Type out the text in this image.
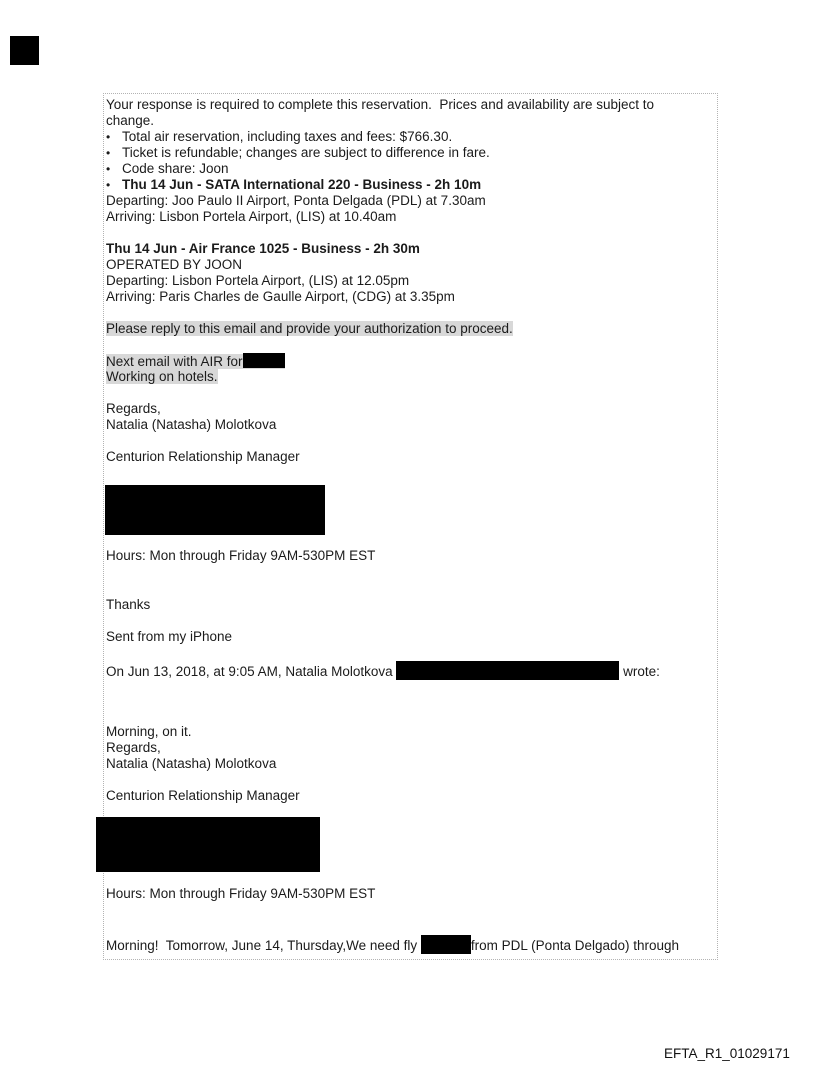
Your response is required to complete this reservation.  Prices and availability are subject to
change.
• Total air reservation, including taxes and fees: $766.30.
• Ticket is refundable; changes are subject to difference in fare.
• Code share: Joon
• Thu 14 Jun - SATA International 220 - Business - 2h 10m
Departing: Joo Paulo II Airport, Ponta Delgada (PDL) at 7.30am
Arriving: Lisbon Portela Airport, (LIS) at 10.40am

Thu 14 Jun - Air France 1025 - Business - 2h 30m
OPERATED BY JOON
Departing: Lisbon Portela Airport, (LIS) at 12.05pm
Arriving: Paris Charles de Gaulle Airport, (CDG) at 3.35pm

Please reply to this email and provide your authorization to proceed.

Next email with AIR for
Working on hotels.

Regards,
Natalia (Natasha) Molotkova

Centurion Relationship Manager
Hours: Mon through Friday 9AM-530PM EST
Thanks

Sent from my iPhone

On Jun 13, 2018, at 9:05 AM, Natalia Molotkova	wrote:
Morning, on it.
Regards,
Natalia (Natasha) Molotkova

Centurion Relationship Manager
Hours: Mon through Friday 9AM-530PM EST
Morning!  Tomorrow, June 14, Thursday,We need fly	from PDL (Ponta Delgado) through
EFTA_R1_01029171
